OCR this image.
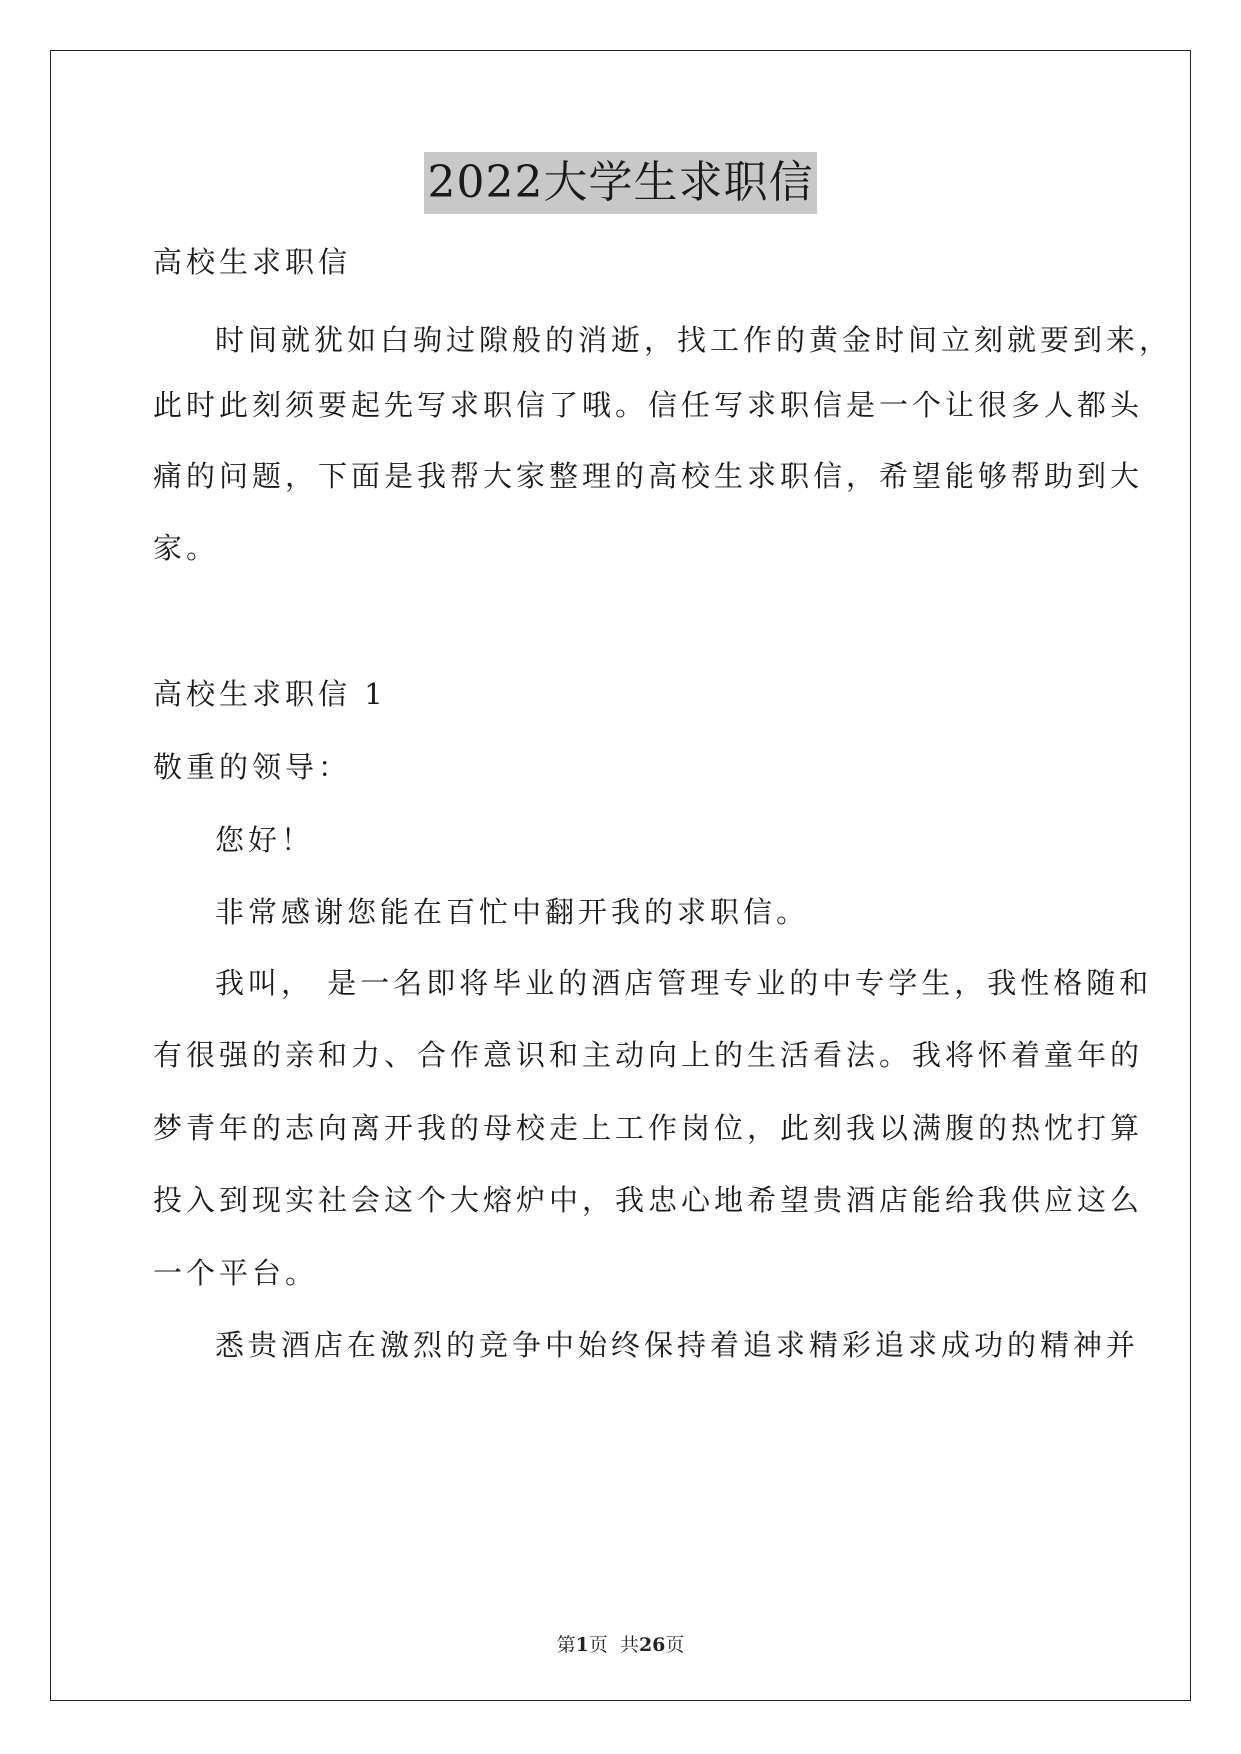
2022大学生求职信
高校生求职信
时间就犹如白驹过隙般的消逝，找工作的黄金时间立刻就要到来，
此时此刻须要起先写求职信了哦。信任写求职信是一个让很多人都头
痛的问题，下面是我帮大家整理的高校生求职信，希望能够帮助到大
家。
高校生求职信 1
敬重的领导：
您好！
非常感谢您能在百忙中翻开我的求职信。
我叫， 是一名即将毕业的酒店管理专业的中专学生，我性格随和
有很强的亲和力、合作意识和主动向上的生活看法。我将怀着童年的
梦青年的志向离开我的母校走上工作岗位，此刻我以满腹的热忱打算
投入到现实社会这个大熔炉中，我忠心地希望贵酒店能给我供应这么
一个平台。
悉贵酒店在激烈的竞争中始终保持着追求精彩追求成功的精神并
第1页  共26页
